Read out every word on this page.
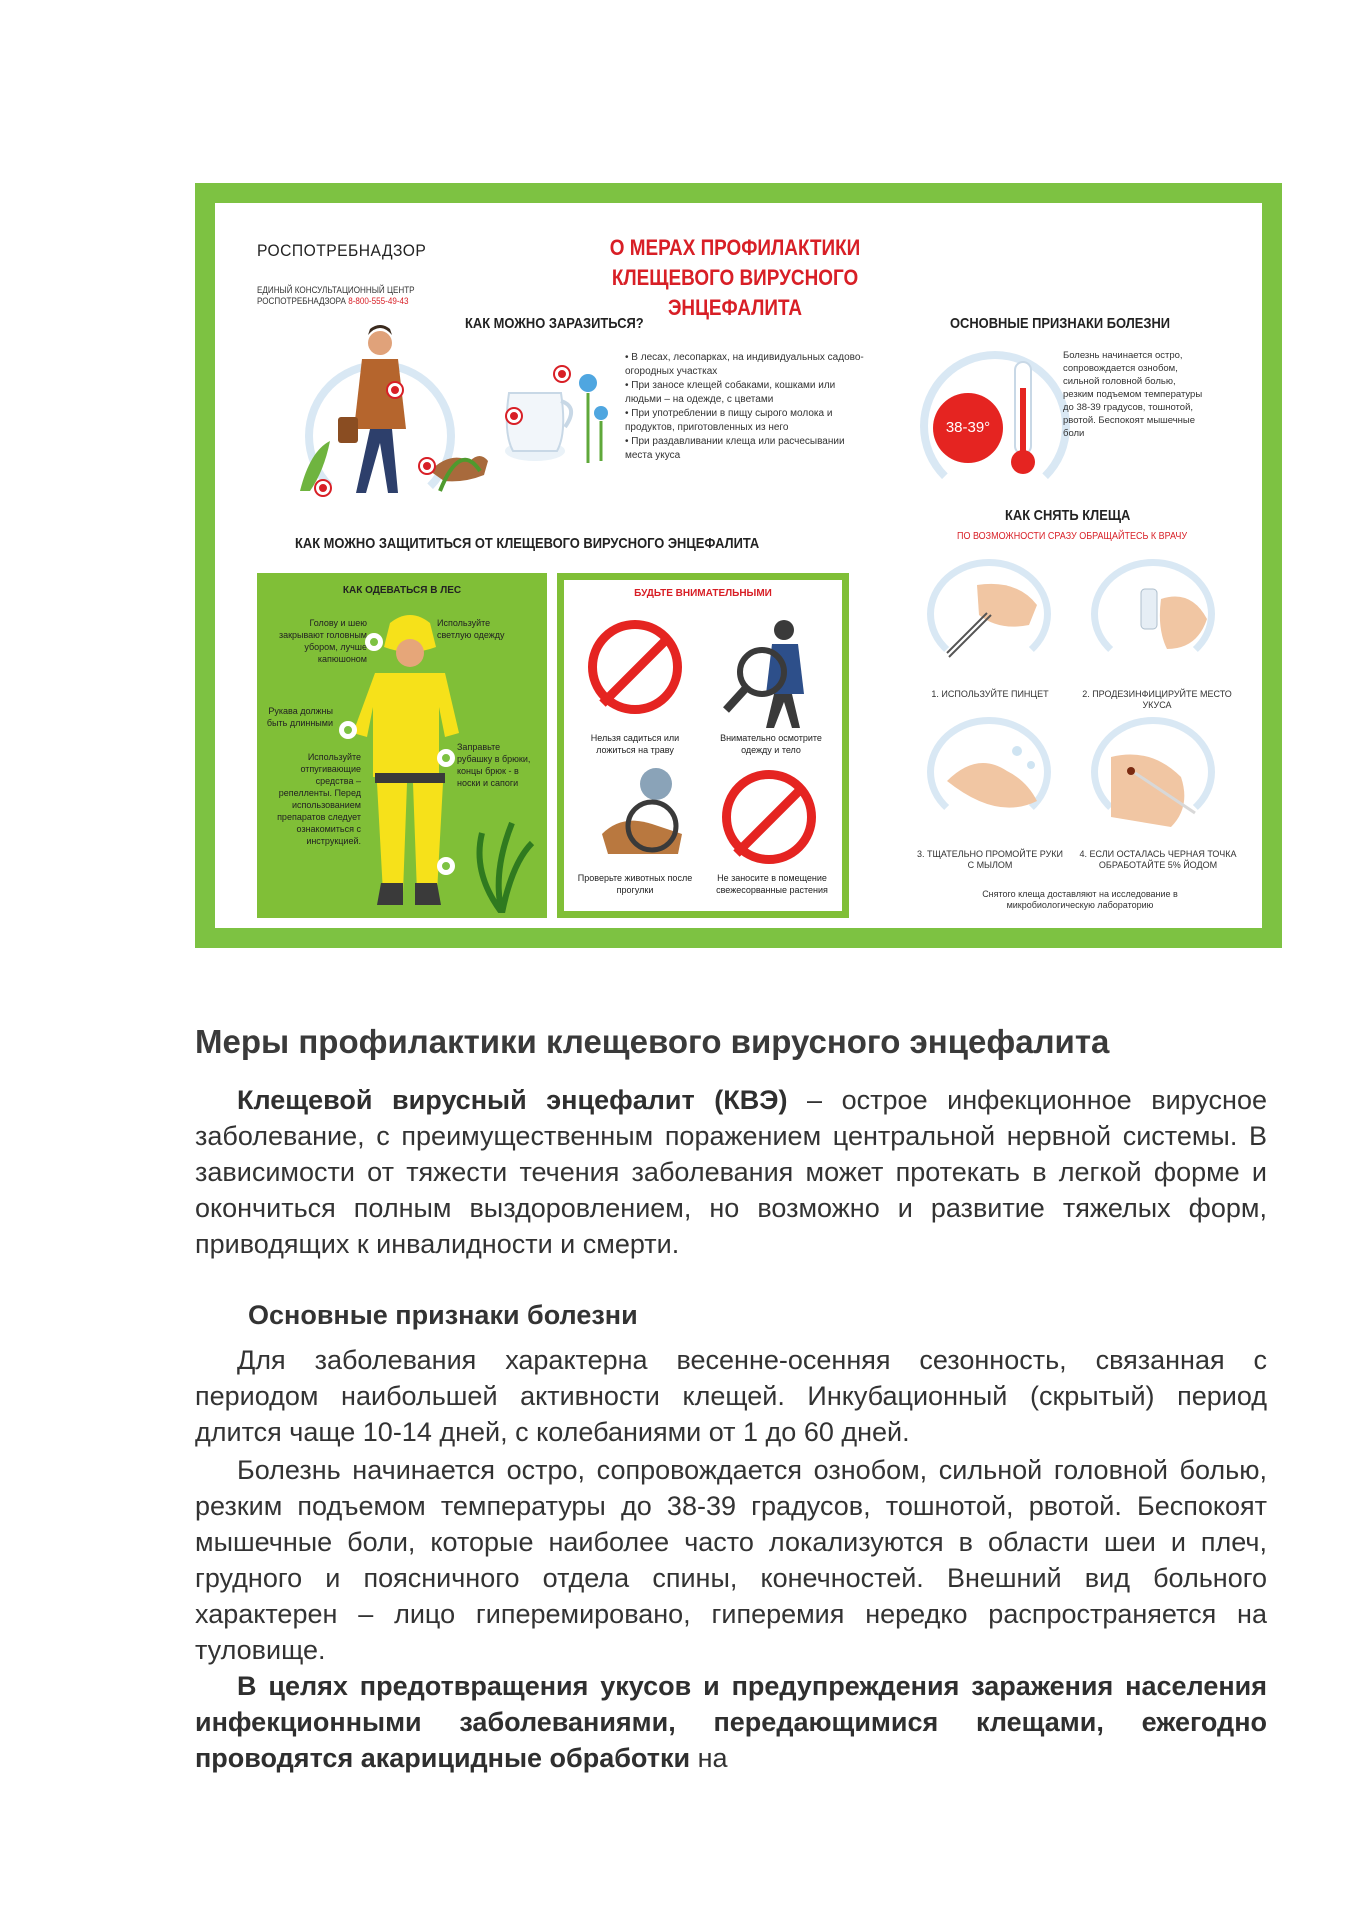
РОСПОТРЕБНАДЗОР
ЕДИНЫЙ КОНСУЛЬТАЦИОННЫЙ ЦЕНТР РОСПОТРЕБНАДЗОРА 8-800-555-49-43
О МЕРАХ ПРОФИЛАКТИКИ
КЛЕЩЕВОГО ВИРУСНОГО ЭНЦЕФАЛИТА
КАК МОЖНО ЗАРАЗИТЬСЯ?
• В лесах, лесопарках, на индивидуальных садово-огородных участках
• При заносе клещей собаками, кошками или людьми – на одежде, с цветами
• При употреблении в пищу сырого молока и продуктов, приготовленных из него
• При раздавливании клеща или расчесывании места укуса
ОСНОВНЫЕ ПРИЗНАКИ БОЛЕЗНИ
38-39°
Болезнь начинается остро, сопровождается ознобом, сильной головной болью, резким подъемом температуры до 38-39 градусов, тошнотой, рвотой. Беспокоят мышечные боли
КАК МОЖНО ЗАЩИТИТЬСЯ ОТ КЛЕЩЕВОГО ВИРУСНОГО ЭНЦЕФАЛИТА
КАК ОДЕВАТЬСЯ В ЛЕС
Голову и шею закрывают головным убором, лучше капюшоном
Используйте светлую одежду
Рукава должны быть длинными
Используйте отпугивающие средства – репелленты. Перед использованием препаратов следует ознакомиться с инструкцией.
Заправьте рубашку в брюки, концы брюк - в носки и сапоги
БУДЬТЕ ВНИМАТЕЛЬНЫМИ
Нельзя садиться или ложиться на траву
Внимательно осмотрите одежду и тело
Проверьте животных после прогулки
Не заносите в помещение свежесорванные растения
КАК СНЯТЬ КЛЕЩА
ПО ВОЗМОЖНОСТИ СРАЗУ ОБРАЩАЙТЕСЬ К ВРАЧУ
1. ИСПОЛЬЗУЙТЕ ПИНЦЕТ	2. ПРОДЕЗИНФИЦИРУЙТЕ МЕСТО УКУСА
3. ТЩАТЕЛЬНО ПРОМОЙТЕ РУКИ С МЫЛОМ
4. ЕСЛИ ОСТАЛАСЬ ЧЕРНАЯ ТОЧКА ОБРАБОТАЙТЕ 5% ЙОДОМ
Снятого клеща доставляют на исследование в микробиологическую лабораторию
Меры профилактики клещевого вирусного энцефалита
Клещевой вирусный энцефалит (КВЭ) – острое инфекционное вирусное заболевание, с преимущественным поражением центральной нервной системы. В зависимости от тяжести течения заболевания может протекать в легкой форме и окончиться полным выздоровлением, но возможно и развитие тяжелых форм, приводящих к инвалидности и смерти.
Основные признаки болезни
Для заболевания характерна весенне-осенняя сезонность, связанная с периодом наибольшей активности клещей. Инкубационный (скрытый) период длится чаще 10-14 дней, с колебаниями от 1 до 60 дней.
Болезнь начинается остро, сопровождается ознобом, сильной головной болью, резким подъемом температуры до 38-39 градусов, тошнотой, рвотой. Беспокоят мышечные боли, которые наиболее часто локализуются в области шеи и плеч, грудного и поясничного отдела спины, конечностей. Внешний вид больного характерен – лицо гиперемировано, гиперемия нередко распространяется на туловище.
В целях предотвращения укусов и предупреждения заражения населения инфекционными заболеваниями, передающимися клещами, ежегодно проводятся акарицидные обработки на
